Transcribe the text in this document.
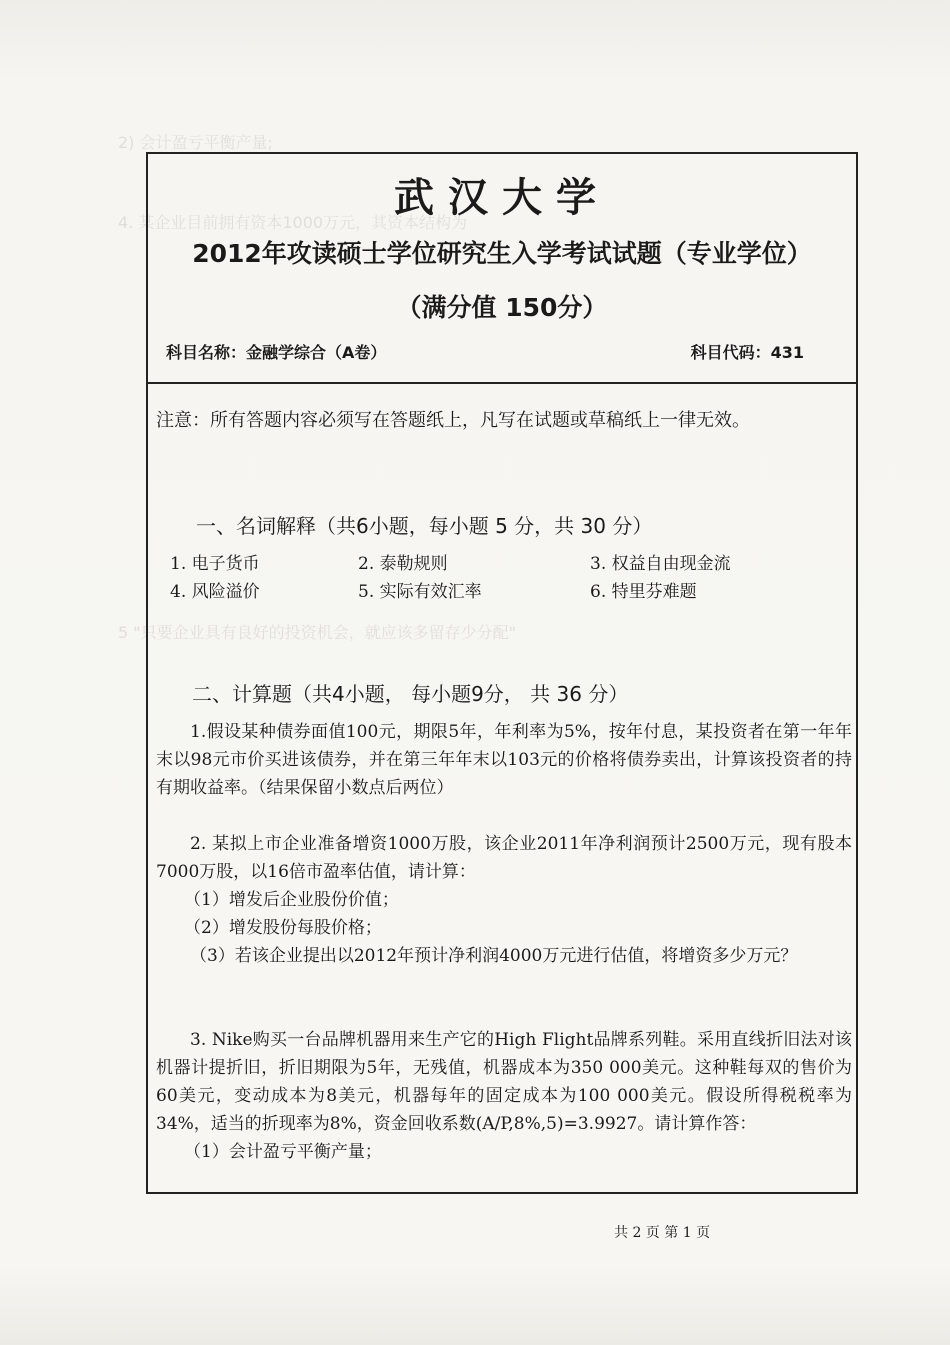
2) 会计盈亏平衡产量;
4. 某企业目前拥有资本1000万元，其资本结构为
5 "只要企业具有良好的投资机会，就应该多留存少分配"
武汉大学
2012年攻读硕士学位研究生入学考试试题（专业学位）
（满分值 150分）
科目名称：金融学综合（A卷）	科目代码：431
注意：所有答题内容必须写在答题纸上，凡写在试题或草稿纸上一律无效。
一、名词解释（共6小题，每小题 5 分，共 30 分）
1. 电子货币	2. 泰勒规则	3. 权益自由现金流
4. 风险溢价	5. 实际有效汇率	6. 特里芬难题
二、计算题（共4小题， 每小题9分， 共 36 分）

1.假设某种债券面值100元，期限5年，年利率为5%，按年付息，某投资者在第一年年末以98元市价买进该债券，并在第三年年末以103元的价格将债券卖出，计算该投资者的持有期收益率。（结果保留小数点后两位）

2. 某拟上市企业准备增资1000万股，该企业2011年净利润预计2500万元，现有股本7000万股，以16倍市盈率估值，请计算：

（1）增发后企业股份价值；

（2）增发股份每股价格；

（3）若该企业提出以2012年预计净利润4000万元进行估值，将增资多少万元？

3. Nike购买一台品牌机器用来生产它的High Flight品牌系列鞋。采用直线折旧法对该机器计提折旧，折旧期限为5年，无残值，机器成本为350 000美元。这种鞋每双的售价为60美元，变动成本为8美元，机器每年的固定成本为100 000美元。假设所得税税率为34%，适当的折现率为8%，资金回收系数(A/P,8%,5)=3.9927。请计算作答：

（1）会计盈亏平衡产量；

共 2 页 第 1 页
